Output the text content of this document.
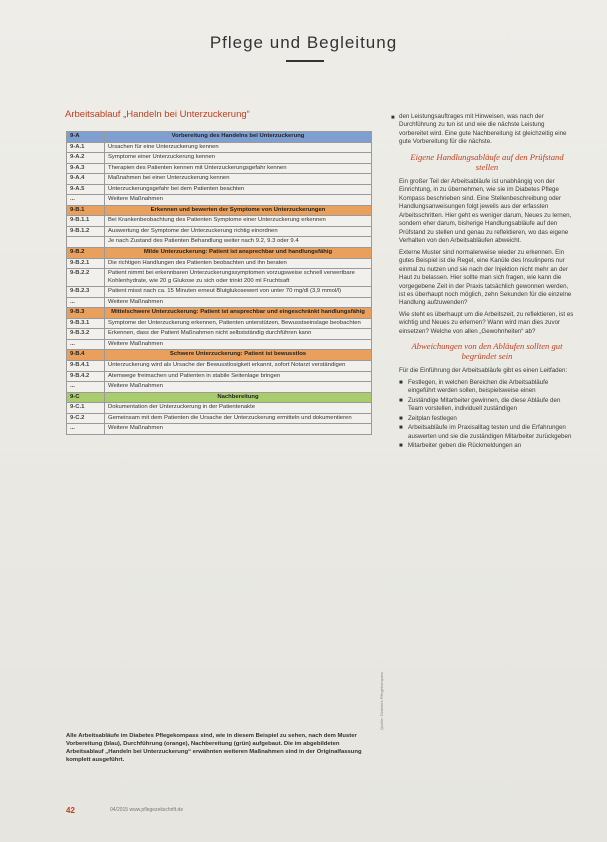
Pflege und Begleitung
Arbeitsablauf „Handeln bei Unterzuckerung“
9-A	Vorbereitung des Handelns bei Unterzuckerung
9-A.1	Ursachen für eine Unterzuckerung kennen
9-A.2	Symptome einer Unterzuckerung kennen
9-A.3	Therapien des Patienten kennen mit Unterzuckerungsgefahr kennen
9-A.4	Maßnahmen bei einer Unterzuckerung kennen
9-A.5	Unterzuckerungsgefahr bei dem Patienten beachten
...	Weitere Maßnahmen
9-B.1	Erkennen und bewerten der Symptome von Unterzuckerungen
9-B.1.1	Bei Krankenbeobachtung des Patienten Symptome einer Unterzuckerung erkennen
9-B.1.2	Auswertung der Symptome der Unterzuckerung richtig einordnen
	Je nach Zustand des Patienten Behandlung weiter nach 9.2, 9.3 oder 9.4
9-B.2	Milde Unterzuckerung: Patient ist ansprechbar und handlungsfähig
9-B.2.1	Die richtigen Handlungen des Patienten beobachten und ihn beraten
9-B.2.2	Patient nimmt bei erkennbaren Unterzuckerungssymptomen vorzugsweise schnell verwertbare Kohlenhydrate, wie 20 g Glukose zu sich oder trinkt 200 ml Fruchtsaft
9-B.2.3	Patient misst nach ca. 15 Minuten erneut Blutglukosewert von unter 70 mg/dl (3,9 mmol/l)
...	Weitere Maßnahmen
9-B.3	Mittelschwere Unterzuckerung: Patient ist ansprechbar und eingeschränkt handlungsfähig
9-B.3.1	Symptome der Unterzuckerung erkennen, Patienten unterstützen, Bewusstseinslage beobachten
9-B.3.2	Erkennen, dass der Patient Maßnahmen nicht selbstständig durchführen kann
...	Weitere Maßnahmen
9-B.4	Schwere Unterzuckerung: Patient ist bewusstlos
9-B.4.1	Unterzuckerung wird als Ursache der Bewusstlosigkeit erkannt, sofort Notarzt verständigen
9-B.4.2	Atemwege freimachen und Patienten in stabile Seitenlage bringen
...	Weitere Maßnahmen
9-C	Nachbereitung
9-C.1	Dokumentation der Unterzuckerung in der Patientenakte
9-C.2	Gemeinsam mit dem Patienten die Ursache der Unterzuckerung ermitteln und dokumentieren
...	Weitere Maßnahmen
Alle Arbeitsabläufe im Diabetes Pflegekompass sind, wie in diesem Beispiel zu sehen, nach dem Muster Vorbereitung (blau), Durchführung (orange), Nachbereitung (grün) aufgebaut. Die im abgebildeten Arbeitsablauf „Handeln bei Unterzuckerung“ erwähnten weiteren Maßnahmen sind in der Originalfassung komplett ausgeführt.
Quelle: Diabetes Pflegekompass
■ den Leistungsauftrages mit Hinweisen, was nach der Durchführung zu tun ist und wie die nächste Leistung vorbereitet wird. Eine gute Nachbereitung ist gleichzeitig eine gute Vorbereitung für die nächste.

Eigene Handlungsabläufe auf den Prüfstand stellen

Ein großer Teil der Arbeitsabläufe ist unabhängig von der Einrichtung, in zu übernehmen, wie sie im Diabetes Pflege Kompass beschrieben sind. Eine Stellenbeschreibung oder Handlungsanweisungen folgt jeweils aus der erfassten Arbeitsschritten. Hier geht es weniger darum, Neues zu lernen, sondern eher darum, bisherige Handlungsabläufe auf den Prüfstand zu stellen und genau zu reflektieren, wo das eigene Verhalten von den Arbeitsabläufen abweicht.

Externe Muster sind normalerweise wieder zu erkennen. Ein gutes Beispiel ist die Regel, eine Kanüle des Insulinpens nur einmal zu nutzen und sie nach der Injektion nicht mehr an der Haut zu belassen. Hier sollte man sich fragen, wie kann die vorgegebene Zeit in der Praxis tatsächlich gewonnen werden, ist es überhaupt noch möglich, zehn Sekunden für die einzelne Handlung aufzuwenden?

Wie steht es überhaupt um die Arbeitszeit, zu reflektieren, ist es wichtig und Neues zu erlernen? Wann wird man dies zuvor einsetzen? Welche von allen „Gewohnheiten“ ab?

Abweichungen von den Abläufen sollten gut begründet sein

Für die Einführung der Arbeitsabläufe gibt es einen Leitfaden:

■ Festlegen, in welchen Bereichen die Arbeitsabläufe eingeführt werden sollen, beispielsweise einen
■ Zuständige Mitarbeiter gewinnen, die diese Abläufe den Team vorstellen, individuell zuständigen
■ Zeitplan festlegen
■ Arbeitsabläufe im Praxisalltag testen und die Erfahrungen auswerten und sie die zuständigen Mitarbeiter zurückgeben
■ Mitarbeiter geben die Rückmeldungen an
42	04/2015 www.pflegezeitschrift.de
